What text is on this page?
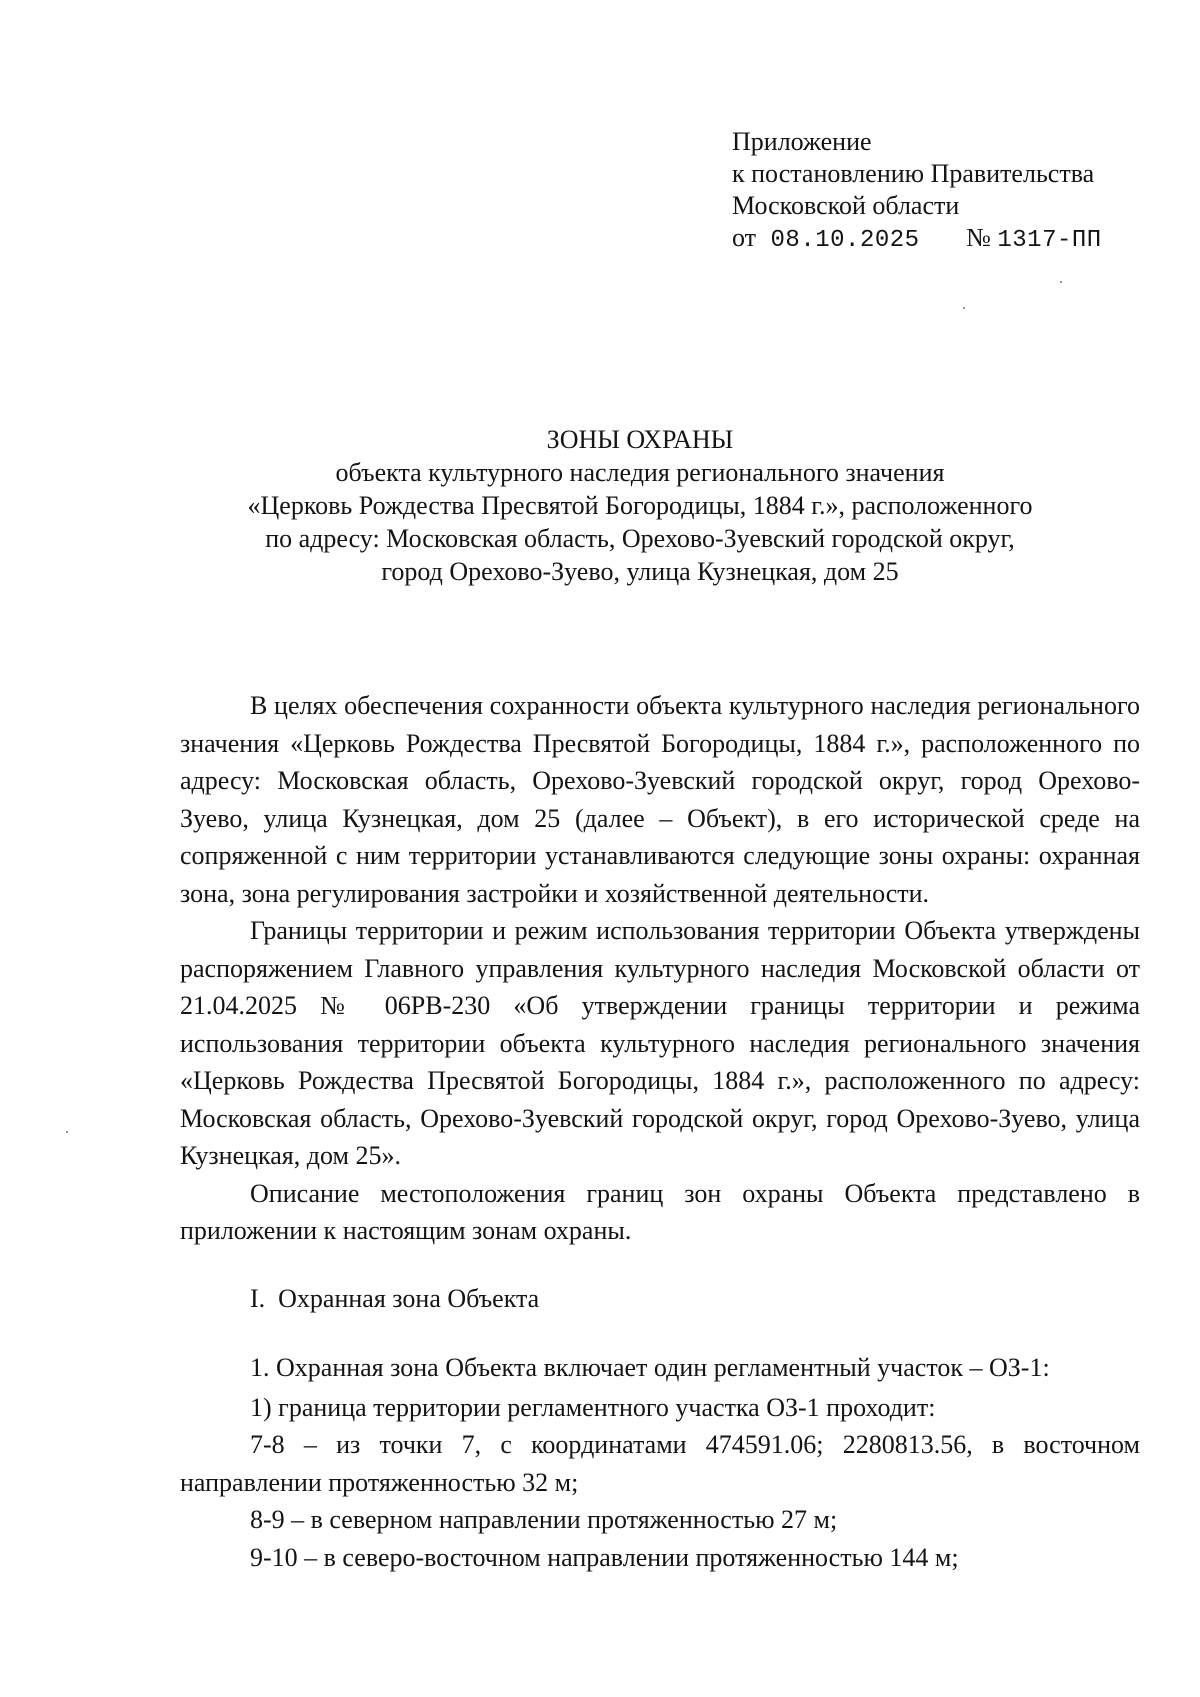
Приложение
к постановлению Правительства
Московской области
от 08.10.2025 № 1317-ПП
ЗОНЫ ОХРАНЫ
объекта культурного наследия регионального значения
«Церковь Рождества Пресвятой Богородицы, 1884 г.», расположенного
по адресу: Московская область, Орехово-Зуевский городской округ,
город Орехово-Зуево, улица Кузнецкая, дом 25

В целях обеспечения сохранности объекта культурного наследия регионального значения «Церковь Рождества Пресвятой Богородицы, 1884 г.», расположенного по адресу: Московская область, Орехово-Зуевский городской округ, город Орехово-Зуево, улица Кузнецкая, дом 25 (далее – Объект), в его исторической среде на сопряженной с ним территории устанавливаются следующие зоны охраны: охранная зона, зона регулирования застройки и хозяйственной деятельности.

Границы территории и режим использования территории Объекта утверждены распоряжением Главного управления культурного наследия Московской области от 21.04.2025 № 06РВ-230 «Об утверждении границы территории и режима использования территории объекта культурного наследия регионального значения «Церковь Рождества Пресвятой Богородицы, 1884 г.», расположенного по адресу: Московская область, Орехово-Зуевский городской округ, город Орехово-Зуево, улица Кузнецкая, дом 25».

Описание местоположения границ зон охраны Объекта представлено в приложении к настоящим зонам охраны.

I.  Охранная зона Объекта

1. Охранная зона Объекта включает один регламентный участок – ОЗ-1:

1) граница территории регламентного участка ОЗ-1 проходит:

7-8 – из точки 7, с координатами 474591.06; 2280813.56, в восточном направлении протяженностью 32 м;

8-9 – в северном направлении протяженностью 27 м;

9-10 – в северо-восточном направлении протяженностью 144 м;
